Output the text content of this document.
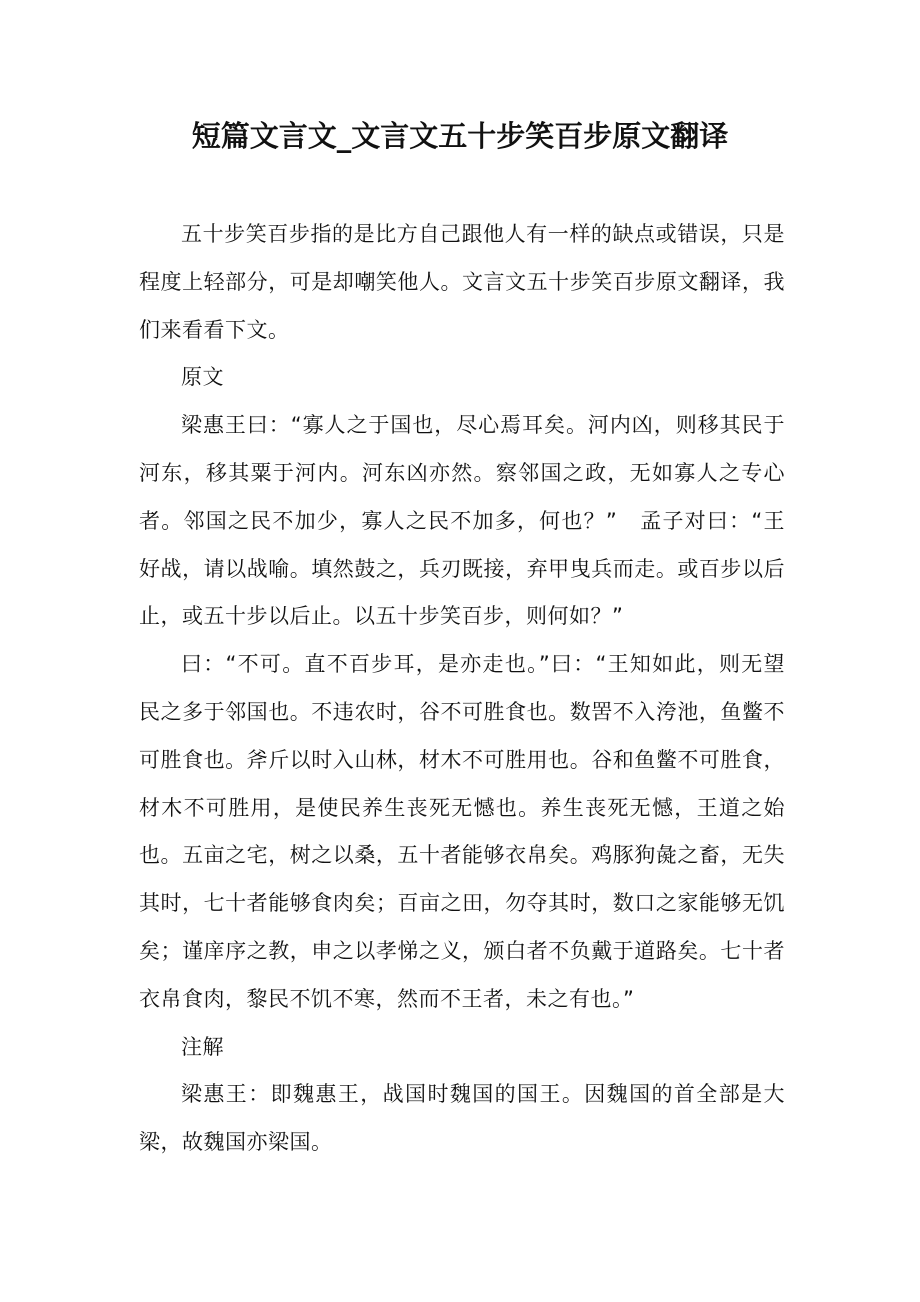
短篇文言文_文言文五十步笑百步原文翻译

五十步笑百步指的是比方自己跟他人有一样的缺点或错误，只是程度上轻部分，可是却嘲笑他人。文言文五十步笑百步原文翻译，我们来看看下文。

原文

梁惠王曰：“寡人之于国也，尽心焉耳矣。河内凶，则移其民于河东，移其粟于河内。河东凶亦然。察邻国之政，无如寡人之专心者。邻国之民不加少，寡人之民不加多，何也？”　孟子对曰：“王好战，请以战喻。填然鼓之，兵刃既接，弃甲曳兵而走。或百步以后止，或五十步以后止。以五十步笑百步，则何如？”

曰：“不可。直不百步耳，是亦走也。”曰：“王知如此，则无望民之多于邻国也。不违农时，谷不可胜食也。数罟不入洿池，鱼鳖不可胜食也。斧斤以时入山林，材木不可胜用也。谷和鱼鳖不可胜食，材木不可胜用，是使民养生丧死无憾也。养生丧死无憾，王道之始也。五亩之宅，树之以桑，五十者能够衣帛矣。鸡豚狗彘之畜，无失其时，七十者能够食肉矣；百亩之田，勿夺其时，数口之家能够无饥矣；谨庠序之教，申之以孝悌之义，颁白者不负戴于道路矣。七十者衣帛食肉，黎民不饥不寒，然而不王者，未之有也。”

注解

梁惠王：即魏惠王，战国时魏国的国王。因魏国的首全部是大梁，故魏国亦梁国。
